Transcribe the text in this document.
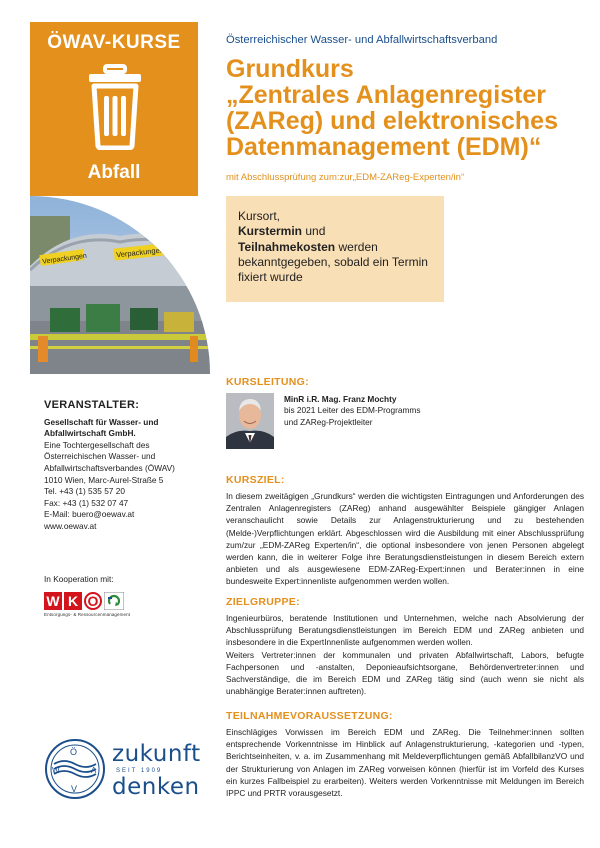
ÖWAV-KURSE
Abfall
Verpackungen	Verpackungen
VERANSTALTER:
Gesellschaft für Wasser- und
Abfallwirtschaft GmbH.
Eine Tochtergesellschaft des
Österreichischen Wasser- und
Abfallwirtschaftsverbandes (ÖWAV)
1010 Wien, Marc-Aurel-Straße 5
Tel. +43 (1) 535 57 20
Fax: +43 (1) 532 07 47
E-Mail: buero@oewav.at
www.oewav.at
In Kooperation mit:
W K O
Entsorgungs- & Ressourcenmanagement
Ö
W	A
V
zukunft
SEIT 1909
denken
Österreichischer Wasser- und Abfallwirtschaftsverband
Grundkurs
„Zentrales Anlagenregister
(ZAReg) und elektronisches
Datenmanagement (EDM)“
mit Abschlussprüfung zum:zur„EDM-ZAReg-Experten/in“
Kursort,
Kurstermin und
Teilnahmekosten werden bekanntgegeben, sobald ein Termin fixiert wurde
KURSLEITUNG:
MinR i.R. Mag. Franz Mochty
bis 2021 Leiter des EDM-Programms
und ZAReg-Projektleiter
KURSZIEL:
In diesem zweitägigen „Grundkurs“ werden die wichtigsten Eintragungen und Anforderungen des Zentralen Anlagenregisters (ZAReg) anhand ausgewählter Beispiele gängiger Anlagen veranschaulicht sowie Details zur Anlagenstrukturierung und zu bestehenden (Melde-)Verpflichtungen erklärt. Abgeschlossen wird die Ausbildung mit einer Abschlussprüfung zum/zur „EDM-ZAReg Experten/in“, die optional insbesondere von jenen Personen abgelegt werden kann, die in weiterer Folge ihre Beratungsdienstleistungen in diesem Bereich extern anbieten und als ausgewiesene EDM-ZAReg-Expert:innen und Berater:innen in eine bundesweite Expert:innenliste aufgenommen werden wollen.
ZIELGRUPPE:
Ingenieurbüros, beratende Institutionen und Unternehmen, welche nach Absolvierung der Abschlussprüfung Beratungsdienstleistungen im Bereich EDM und ZAReg anbieten und insbesondere in die ExpertInnenliste aufgenommen werden wollen.
Weiters Vertreter:innen der kommunalen und privaten Abfallwirtschaft, Labors, befugte Fachpersonen und -anstalten, Deponieaufsichtsorgane, Behördenvertreter:innen und Sachverständige, die im Bereich EDM und ZAReg tätig sind (auch wenn sie nicht als unabhängige Berater:innen auftreten).
TEILNAHMEVORAUSSETZUNG:
Einschlägiges Vorwissen im Bereich EDM und ZAReg. Die Teilnehmer:innen sollten entsprechende Vorkenntnisse im Hinblick auf Anlagenstrukturierung, -kategorien und -typen, Berichtseinheiten, v. a. im Zusammenhang mit Meldeverpflichtungen gemäß AbfallbilanzVO und der Strukturierung von Anlagen im ZAReg vorweisen können (hierfür ist im Vorfeld des Kurses ein kurzes Fallbeispiel zu erarbeiten). Weiters werden Vorkenntnisse mit Meldungen im Bereich IPPC und PRTR vorausgesetzt.
